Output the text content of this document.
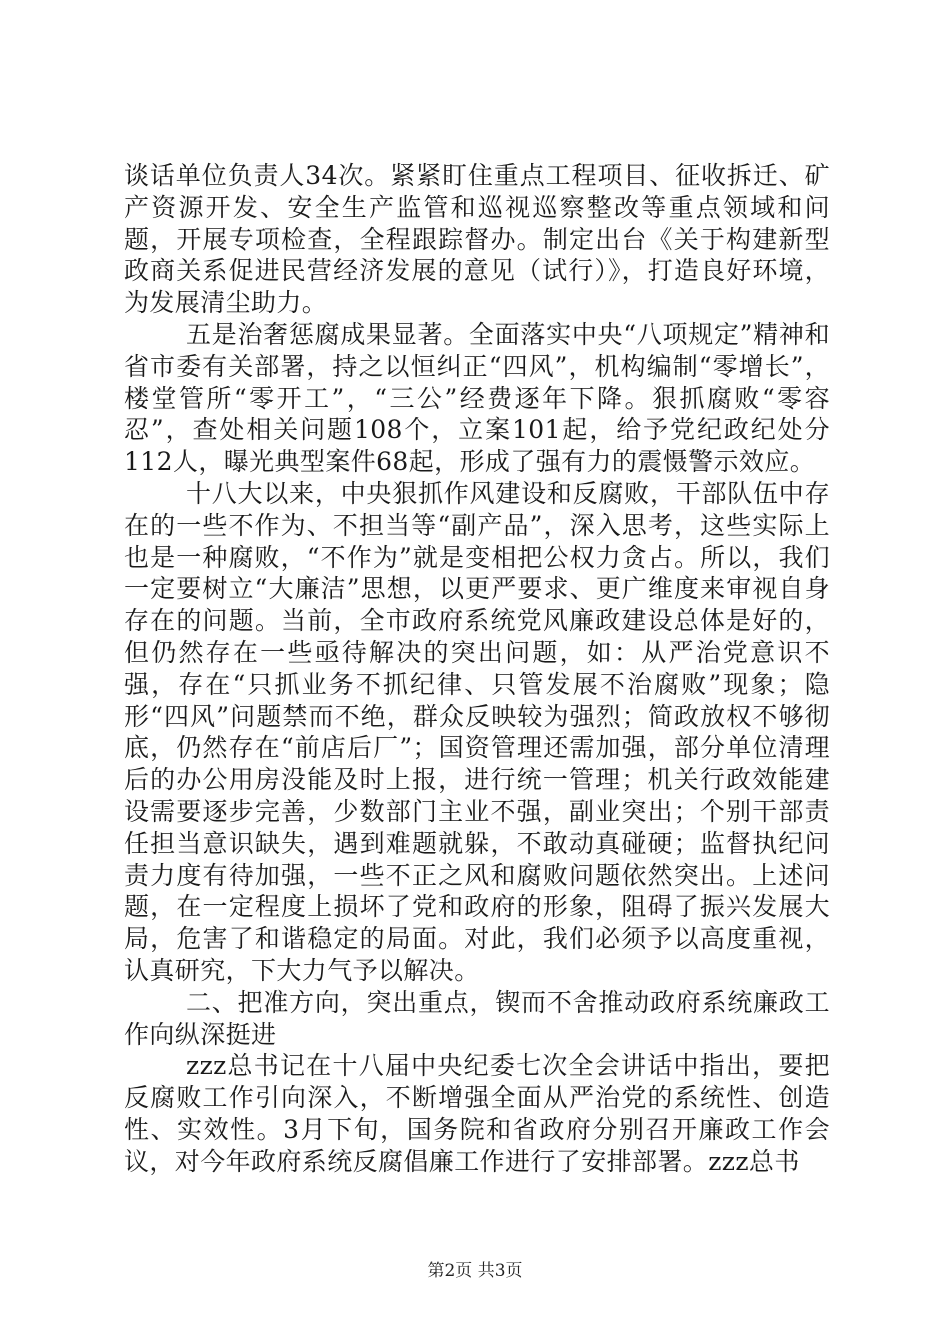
谈话单位负责人34次。紧紧盯住重点工程项目、征收拆迁、矿产资源开发、安全生产监管和巡视巡察整改等重点领域和问题，开展专项检查，全程跟踪督办。制定出台《关于构建新型政商关系促进民营经济发展的意见（试行）》，打造良好环境，为发展清尘助力。

五是治奢惩腐成果显著。全面落实中央“八项规定”精神和省市委有关部署，持之以恒纠正“四风”，机构编制“零增长”，楼堂管所“零开工”，“三公”经费逐年下降。狠抓腐败“零容忍”，查处相关问题108个，立案101起，给予党纪政纪处分112人，曝光典型案件68起，形成了强有力的震慑警示效应。

十八大以来，中央狠抓作风建设和反腐败，干部队伍中存在的一些不作为、不担当等“副产品”，深入思考，这些实际上也是一种腐败，“不作为”就是变相把公权力贪占。所以，我们一定要树立“大廉洁”思想，以更严要求、更广维度来审视自身存在的问题。当前，全市政府系统党风廉政建设总体是好的，但仍然存在一些亟待解决的突出问题，如：从严治党意识不强，存在“只抓业务不抓纪律、只管发展不治腐败”现象；隐形“四风”问题禁而不绝，群众反映较为强烈；简政放权不够彻底，仍然存在“前店后厂”；国资管理还需加强，部分单位清理后的办公用房没能及时上报，进行统一管理；机关行政效能建设需要逐步完善，少数部门主业不强，副业突出；个别干部责任担当意识缺失，遇到难题就躲，不敢动真碰硬；监督执纪问责力度有待加强，一些不正之风和腐败问题依然突出。上述问题，在一定程度上损坏了党和政府的形象，阻碍了振兴发展大局，危害了和谐稳定的局面。对此，我们必须予以高度重视，认真研究，下大力气予以解决。

二、把准方向，突出重点，锲而不舍推动政府系统廉政工作向纵深挺进

zzz总书记在十八届中央纪委七次全会讲话中指出，要把反腐败工作引向深入，不断增强全面从严治党的系统性、创造性、实效性。3月下旬，国务院和省政府分别召开廉政工作会议，对今年政府系统反腐倡廉工作进行了安排部署。zzz总书

第2页 共3页
